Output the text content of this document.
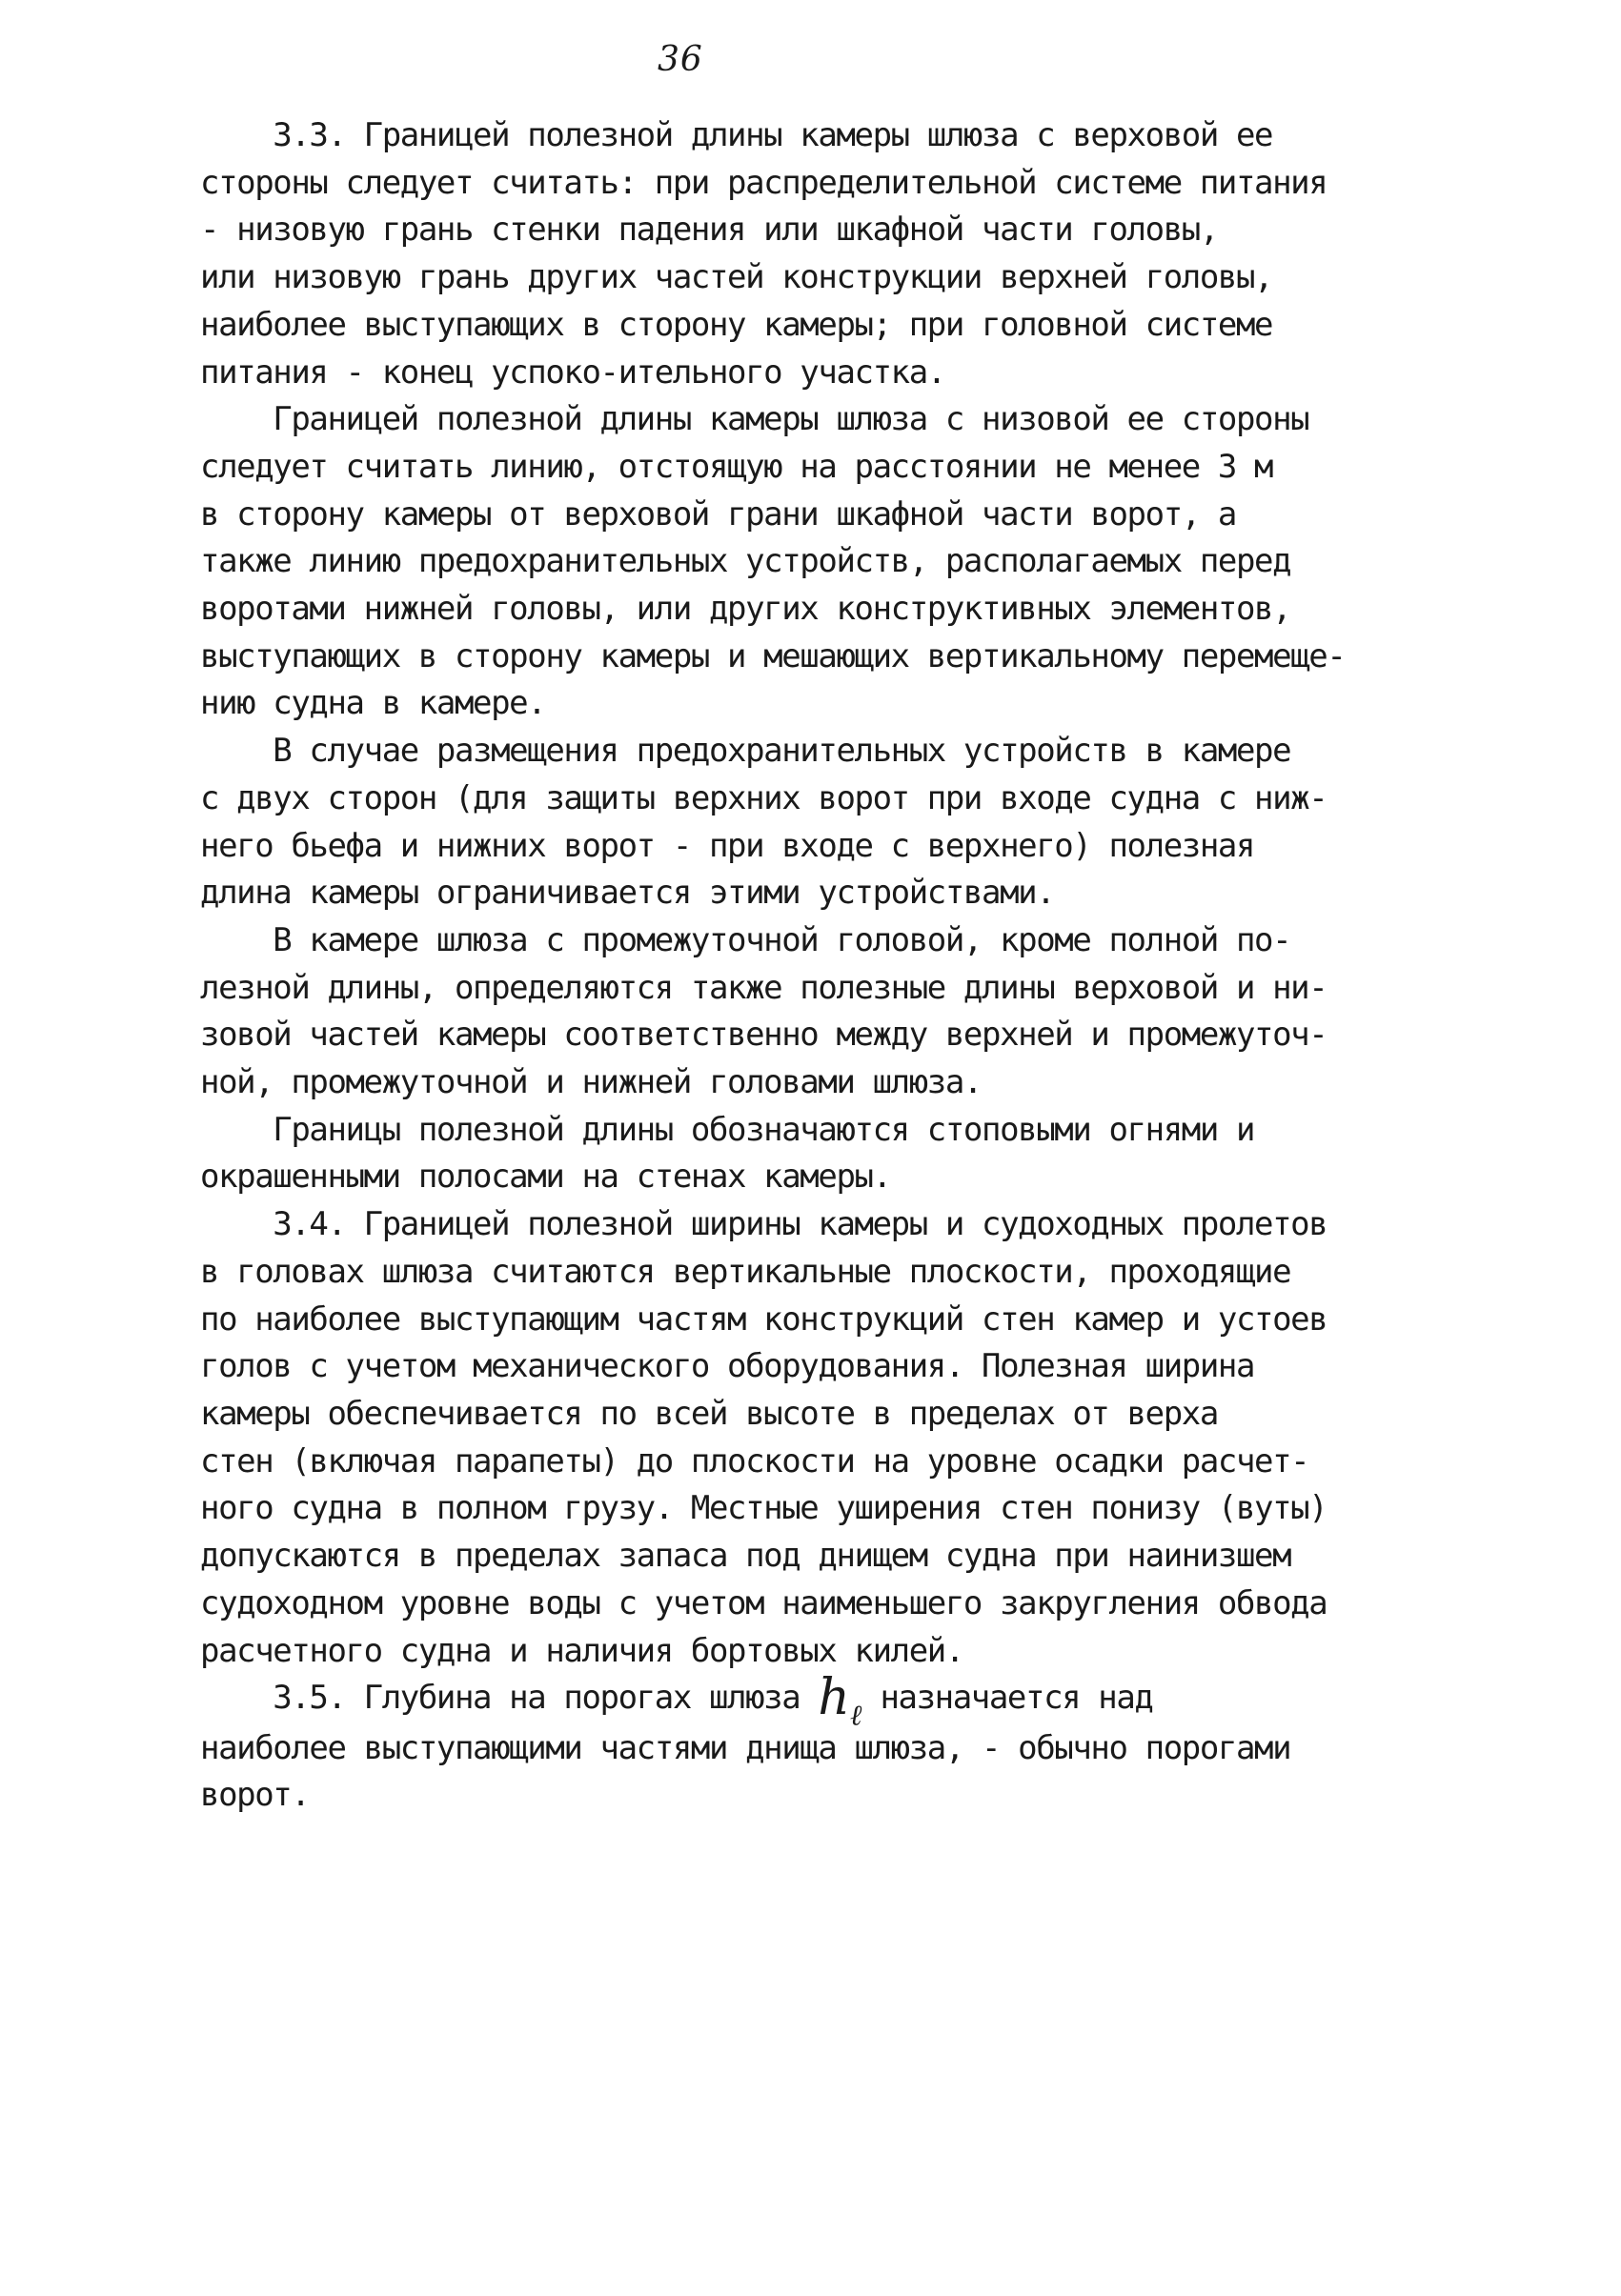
36
3.3. Границей полезной длины камеры шлюза с верховой ее
стороны следует считать: при распределительной системе питания
- низовую грань стенки падения или шкафной части головы,
или низовую грань других частей конструкции верхней головы,
наиболее выступающих в сторону камеры; при головной системе
питания - конец успоко-ительного участка.
Границей полезной длины камеры шлюза с низовой ее стороны
следует считать линию, отстоящую на расстоянии не менее 3 м
в сторону камеры от верховой грани шкафной части ворот, а
также линию предохранительных устройств, располагаемых перед
воротами нижней головы, или других конструктивных элементов,
выступающих в сторону камеры и мешающих вертикальному перемеще-
нию судна в камере.
В случае размещения предохранительных устройств в камере
с двух сторон (для защиты верхних ворот при входе судна с ниж-
него бьефа и нижних ворот - при входе с верхнего) полезная
длина камеры ограничивается этими устройствами.
В камере шлюза с промежуточной головой, кроме полной по-
лезной длины, определяются также полезные длины верховой и ни-
зовой частей камеры соответственно между верхней и промежуточ-
ной, промежуточной и нижней головами шлюза.
Границы полезной длины обозначаются стоповыми огнями и
окрашенными полосами на стенах камеры.
3.4. Границей полезной ширины камеры и судоходных пролетов
в головах шлюза считаются вертикальные плоскости, проходящие
по наиболее выступающим частям конструкций стен камер и устоев
голов с учетом механического оборудования. Полезная ширина
камеры обеспечивается по всей высоте в пределах от верха
стен (включая парапеты) до плоскости на уровне осадки расчет-
ного судна в полном грузу. Местные уширения стен понизу (вуты)
допускаются в пределах запаса под днищем судна при наинизшем
судоходном уровне воды с учетом наименьшего закругления обвода
расчетного судна и наличия бортовых килей.
3.5. Глубина на порогах шлюза $h_\ell$ назначается над
наиболее выступающими частями днища шлюза, - обычно порогами
ворот.
